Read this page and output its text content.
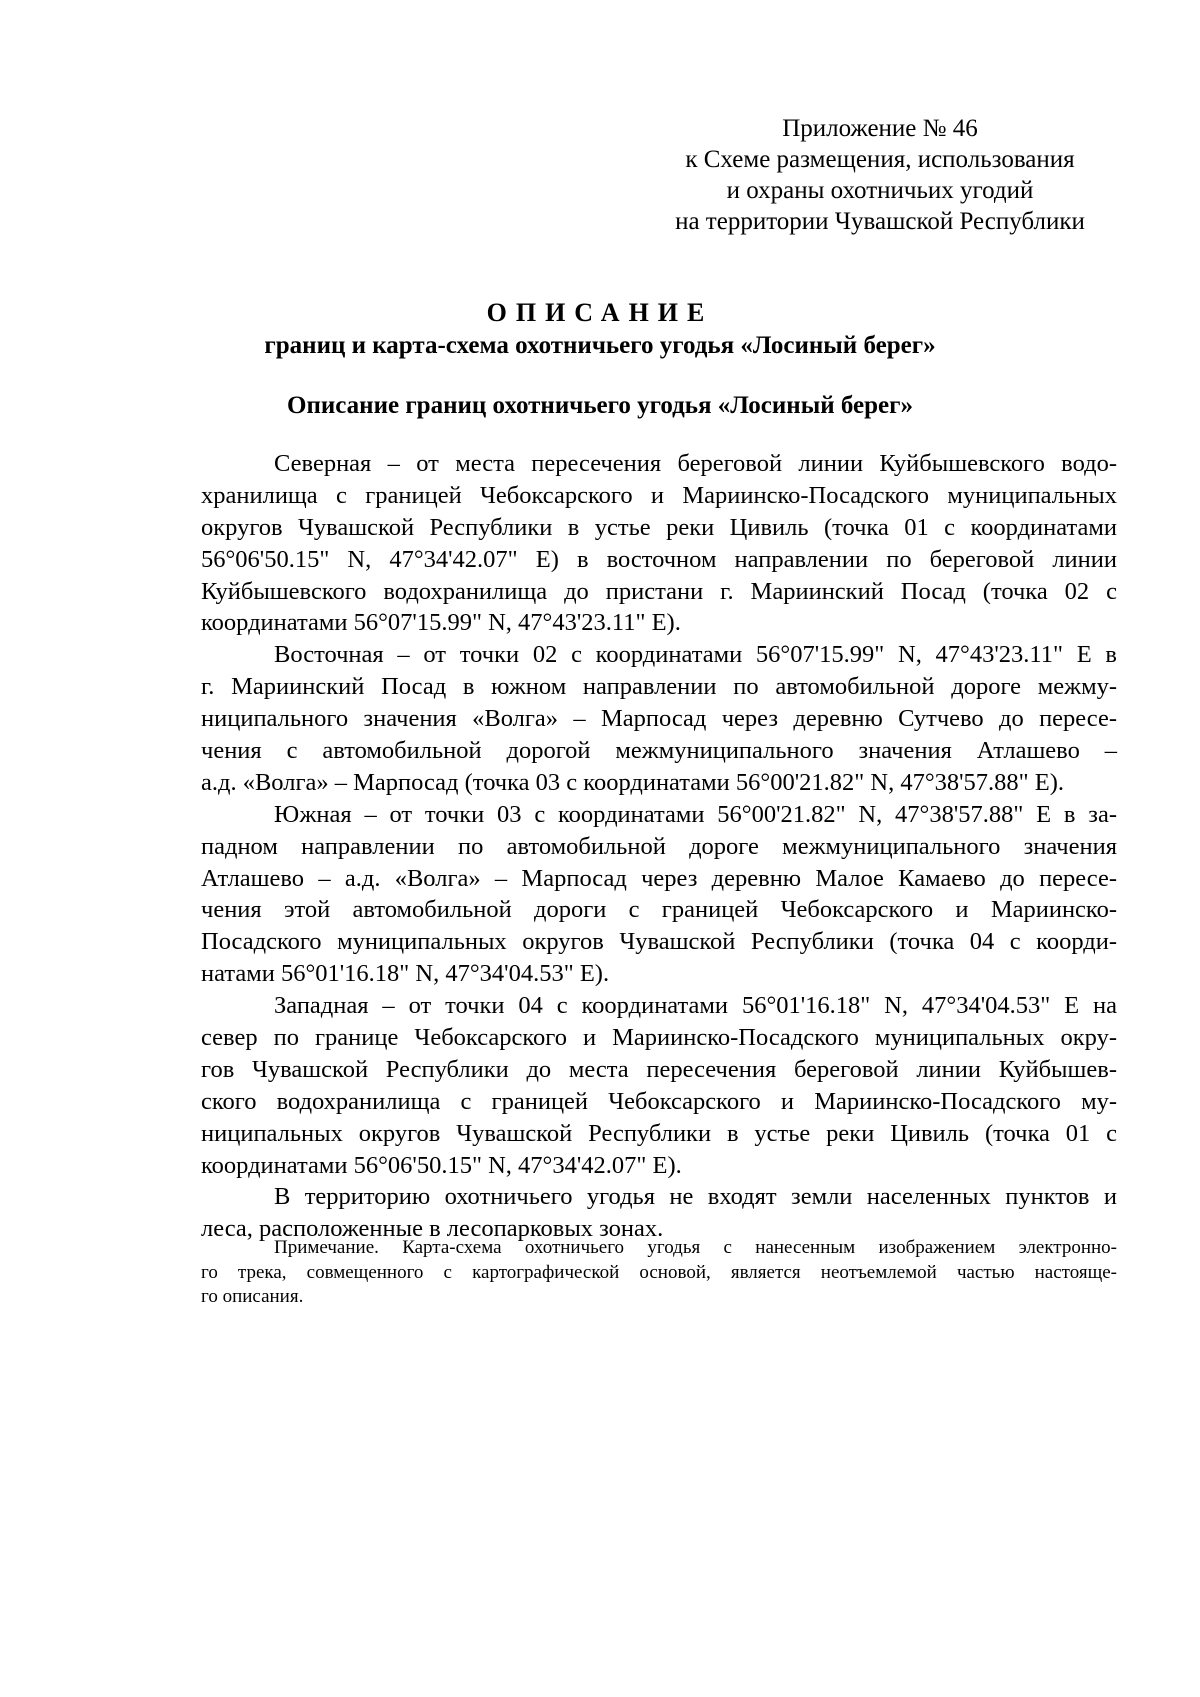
Приложение № 46
к Схеме размещения, использования
и охраны охотничьих угодий
на территории Чувашской Республики
ОПИСАНИЕ
границ и карта-схема охотничьего угодья «Лосиный берег»
Описание границ охотничьего угодья «Лосиный берег»
Северная – от места пересечения береговой линии Куйбышевского водо-
хранилища с границей Чебоксарского и Мариинско-Посадского муниципальных
округов Чувашской Республики в устье реки Цивиль (точка 01 с координатами
56°06'50.15" N, 47°34'42.07" E) в восточном направлении по береговой линии
Куйбышевского водохранилища до пристани г. Мариинский Посад (точка 02 с
координатами 56°07'15.99" N, 47°43'23.11" E).
Восточная – от точки 02 с координатами 56°07'15.99" N, 47°43'23.11" E в
г. Мариинский Посад в южном направлении по автомобильной дороге межму-
ниципального значения «Волга» – Марпосад через деревню Сутчево до пересе-
чения с автомобильной дорогой межмуниципального значения Атлашево –
а.д. «Волга» – Марпосад (точка 03 с координатами 56°00'21.82" N, 47°38'57.88" E).
Южная – от точки 03 с координатами 56°00'21.82" N, 47°38'57.88" E в за-
падном направлении по автомобильной дороге межмуниципального значения
Атлашево – а.д. «Волга» – Марпосад через деревню Малое Камаево до пересе-
чения этой автомобильной дороги с границей Чебоксарского и Мариинско-
Посадского муниципальных округов Чувашской Республики (точка 04 с коорди-
натами 56°01'16.18" N, 47°34'04.53" E).
Западная – от точки 04 с координатами 56°01'16.18" N, 47°34'04.53" E на
север по границе Чебоксарского и Мариинско-Посадского муниципальных окру-
гов Чувашской Республики до места пересечения береговой линии Куйбышев-
ского водохранилища с границей Чебоксарского и Мариинско-Посадского му-
ниципальных округов Чувашской Республики в устье реки Цивиль (точка 01 с
координатами 56°06'50.15" N, 47°34'42.07" E).
В территорию охотничьего угодья не входят земли населенных пунктов и
леса, расположенные в лесопарковых зонах.
Примечание. Карта-схема охотничьего угодья с нанесенным изображением электронно-
го трека, совмещенного с картографической основой, является неотъемлемой частью настояще-
го описания.
